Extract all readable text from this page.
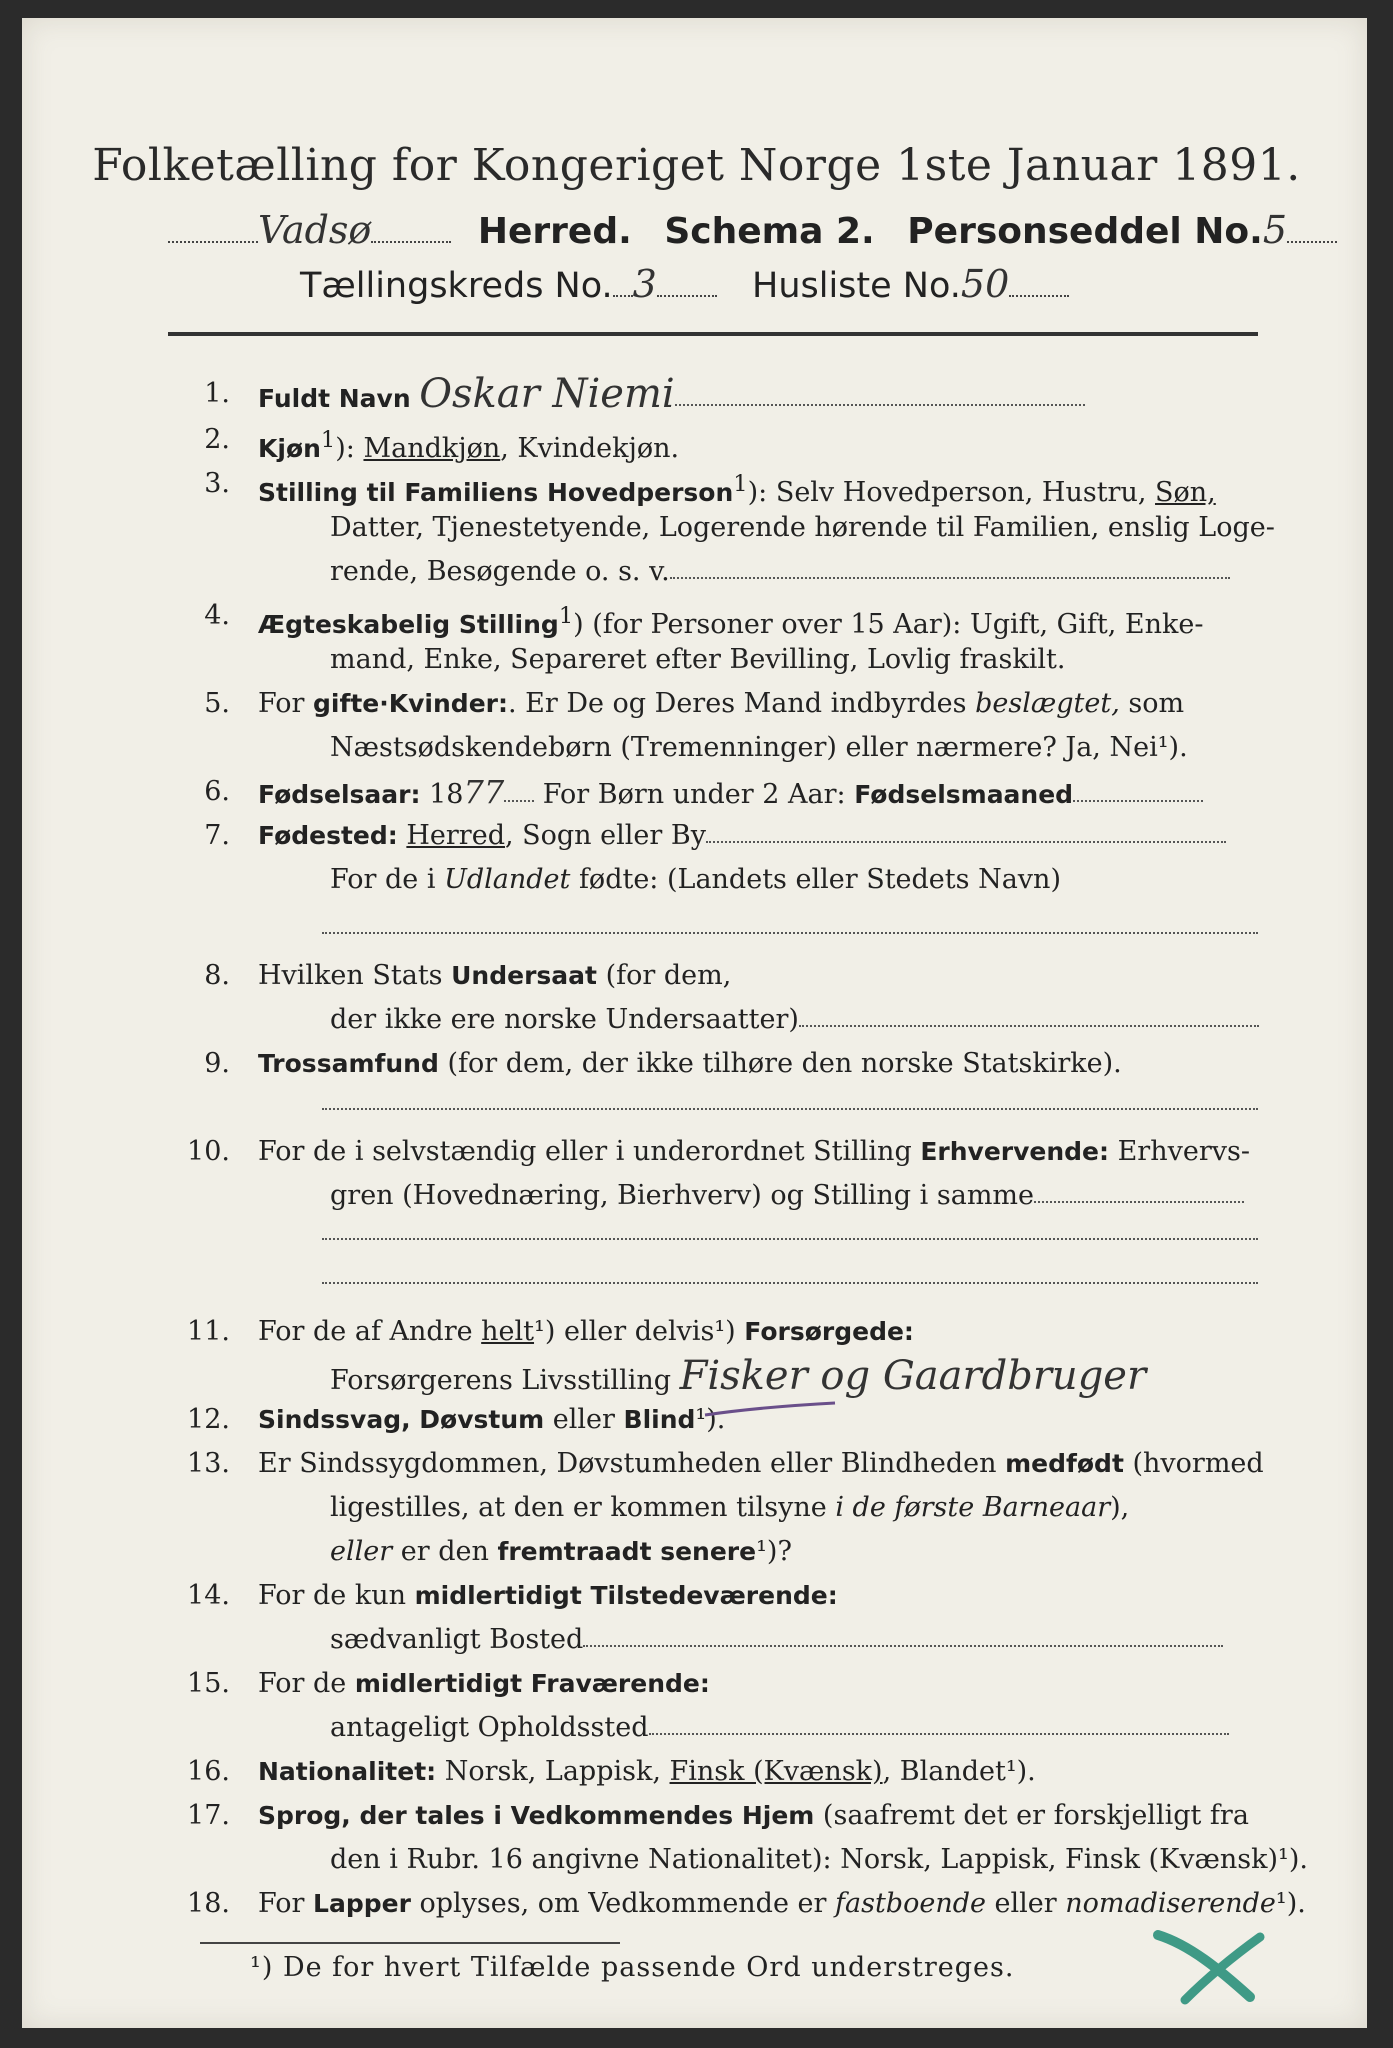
Folketælling for Kongeriget Norge 1ste Januar 1891.
Vadsø	Herred. Schema 2. Personseddel No.5
Tællingskreds No. 3	Husliste No.50
1. Fuldt Navn Oskar Niemi
2. Kjøn$^1$): Mandkjøn, Kvindekjøn.
3. Stilling til Familiens Hovedperson$^1$): Selv Hovedperson, Hustru, Søn,
Datter, Tjenestetyende, Logerende hørende til Familien, enslig Loge-
rende, Besøgende o. s. v.
4. Ægteskabelig Stilling$^1$) (for Personer over 15 Aar): Ugift, Gift, Enke-
mand, Enke, Separeret efter Bevilling, Lovlig fraskilt.
5. For gifte·Kvinder:. Er De og Deres Mand indbyrdes beslægtet, som
Næstsødskendebørn (Tremenninger) eller nærmere? Ja, Nei¹).
6. Fødselsaar: 1877 For Børn under 2 Aar: Fødselsmaaned
7. Fødested: Herred, Sogn eller By
For de i Udlandet fødte: (Landets eller Stedets Navn)
8. Hvilken Stats Undersaat (for dem,
der ikke ere norske Undersaatter)
9. Trossamfund (for dem, der ikke tilhøre den norske Statskirke).
10. For de i selvstændig eller i underordnet Stilling Erhvervende: Erhvervs-
gren (Hovednæring, Bierhverv) og Stilling i samme
11. For de af Andre helt¹) eller delvis¹) Forsørgede:
Forsørgerens Livsstilling Fisker og Gaardbruger
12. Sindssvag, Døvstum eller Blind¹).
13. Er Sindssygdommen, Døvstumheden eller Blindheden medfødt (hvormed
ligestilles, at den er kommen tilsyne i de første Barneaar),
eller er den fremtraadt senere¹)?
14. For de kun midlertidigt Tilstedeværende:
sædvanligt Bosted
15. For de midlertidigt Fraværende:
antageligt Opholdssted
16. Nationalitet: Norsk, Lappisk, Finsk (Kvænsk), Blandet¹).
17. Sprog, der tales i Vedkommendes Hjem (saafremt det er forskjelligt fra
den i Rubr. 16 angivne Nationalitet): Norsk, Lappisk, Finsk (Kvænsk)¹).
18. For Lapper oplyses, om Vedkommende er fastboende eller nomadiserende¹).
¹) De for hvert Tilfælde passende Ord understreges.
